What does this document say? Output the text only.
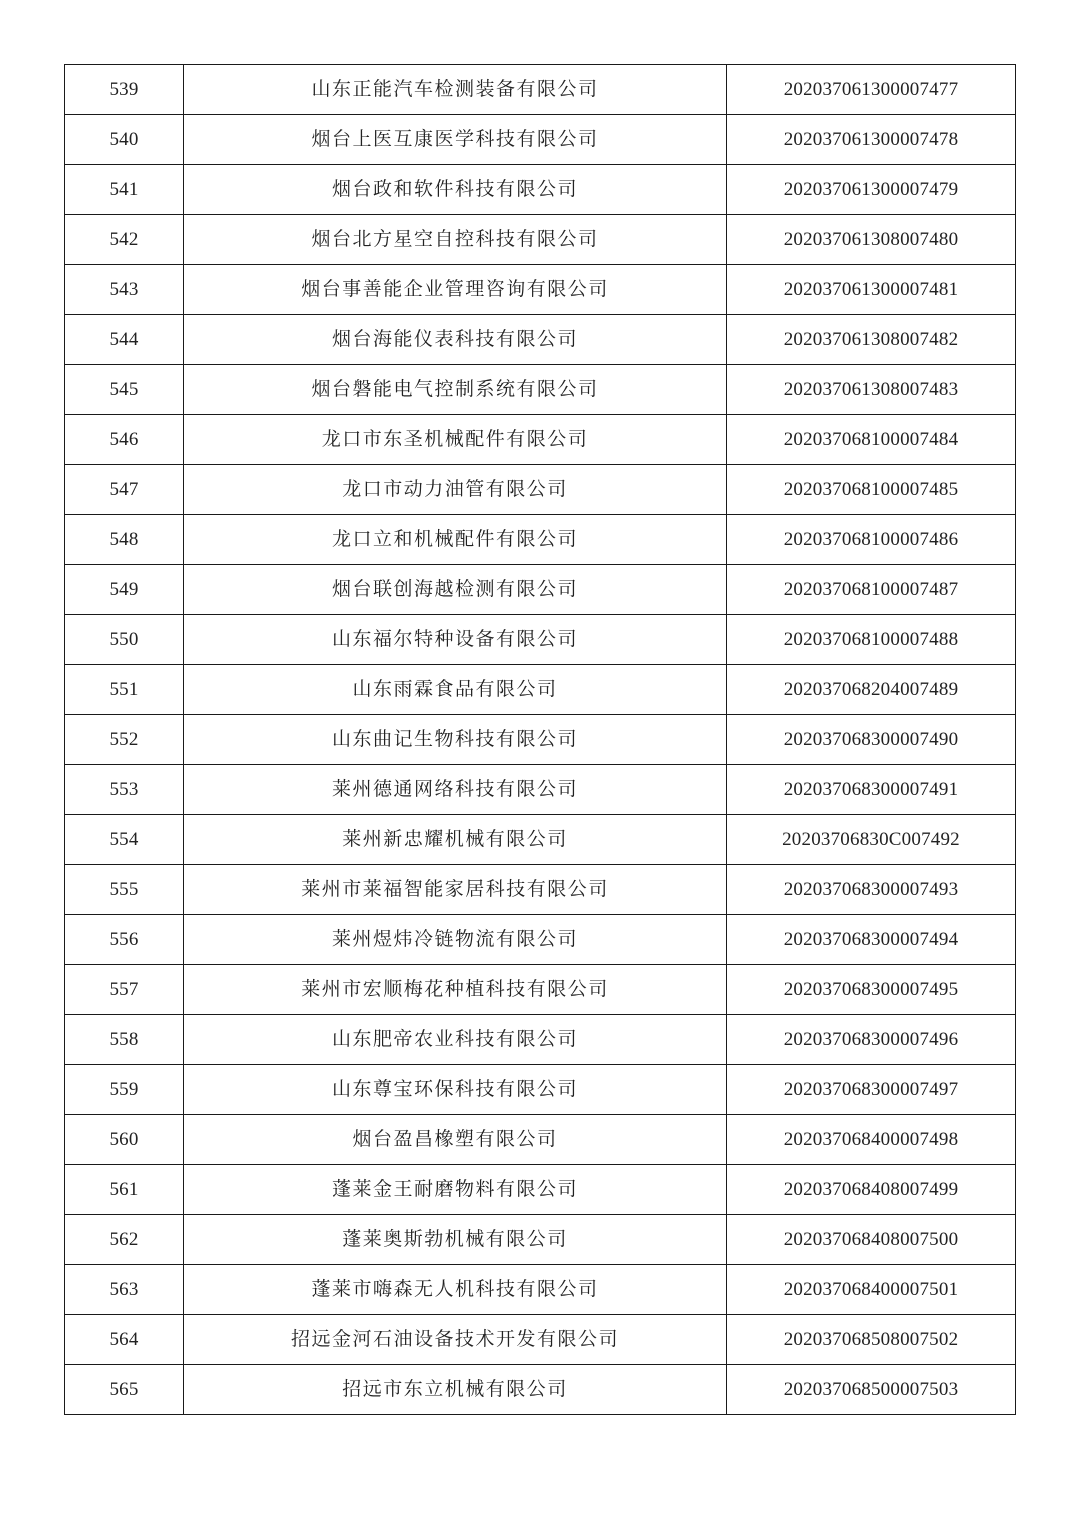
539	山东正能汽车检测装备有限公司	202037061300007477
540	烟台上医互康医学科技有限公司	202037061300007478
541	烟台政和软件科技有限公司	202037061300007479
542	烟台北方星空自控科技有限公司	202037061308007480
543	烟台事善能企业管理咨询有限公司	202037061300007481
544	烟台海能仪表科技有限公司	202037061308007482
545	烟台磐能电气控制系统有限公司	202037061308007483
546	龙口市东圣机械配件有限公司	202037068100007484
547	龙口市动力油管有限公司	202037068100007485
548	龙口立和机械配件有限公司	202037068100007486
549	烟台联创海越检测有限公司	202037068100007487
550	山东福尔特种设备有限公司	202037068100007488
551	山东雨霖食品有限公司	202037068204007489
552	山东曲记生物科技有限公司	202037068300007490
553	莱州德通网络科技有限公司	202037068300007491
554	莱州新忠耀机械有限公司	20203706830C007492
555	莱州市莱福智能家居科技有限公司	202037068300007493
556	莱州煜炜冷链物流有限公司	202037068300007494
557	莱州市宏顺梅花种植科技有限公司	202037068300007495
558	山东肥帝农业科技有限公司	202037068300007496
559	山东尊宝环保科技有限公司	202037068300007497
560	烟台盈昌橡塑有限公司	202037068400007498
561	蓬莱金王耐磨物料有限公司	202037068408007499
562	蓬莱奥斯勃机械有限公司	202037068408007500
563	蓬莱市嗨森无人机科技有限公司	202037068400007501
564	招远金河石油设备技术开发有限公司	202037068508007502
565	招远市东立机械有限公司	202037068500007503
